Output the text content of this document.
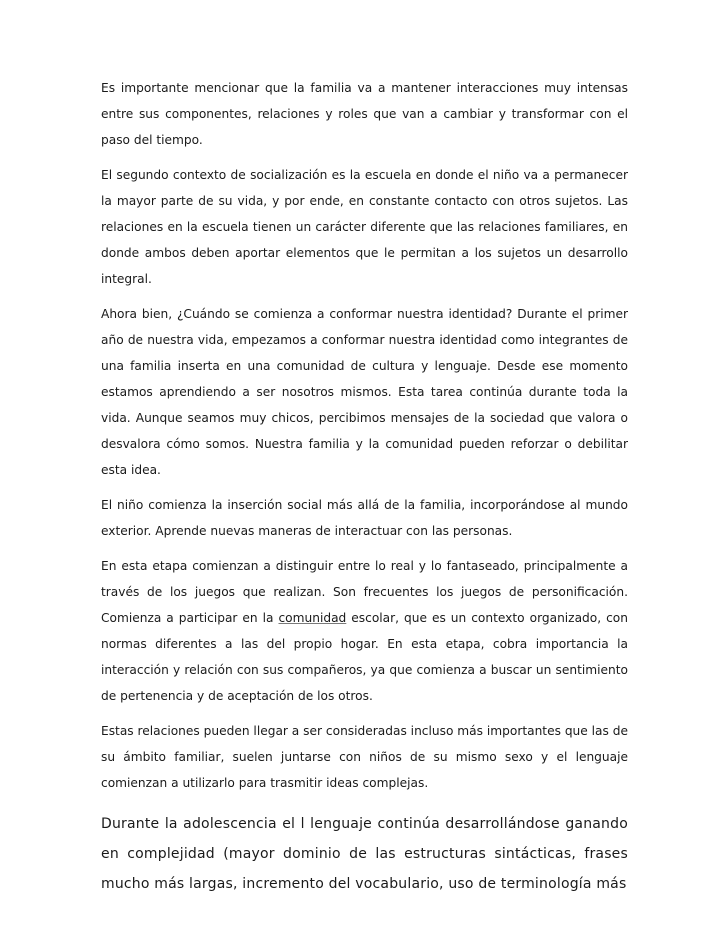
Es importante mencionar que la familia va a mantener interacciones muy intensas entre sus componentes, relaciones y roles que van a cambiar y transformar con el paso del tiempo.

El segundo contexto de socialización es la escuela en donde el niño va a permanecer la mayor parte de su vida, y por ende, en constante contacto con otros sujetos. Las relaciones en la escuela tienen un carácter diferente que las relaciones familiares, en donde ambos deben aportar elementos que le permitan a los sujetos un desarrollo integral.

Ahora bien, ¿Cuándo se comienza a conformar nuestra identidad? Durante el primer año de nuestra vida, empezamos a conformar nuestra identidad como integrantes de una familia inserta en una comunidad de cultura y lenguaje. Desde ese momento estamos aprendiendo a ser nosotros mismos. Esta tarea continúa durante toda la vida. Aunque seamos muy chicos, percibimos mensajes de la sociedad que valora o desvalora cómo somos. Nuestra familia y la comunidad pueden reforzar o debilitar esta idea.

El niño comienza la inserción social más allá de la familia, incorporándose al mundo exterior. Aprende nuevas maneras de interactuar con las personas.

En esta etapa comienzan a distinguir entre lo real y lo fantaseado, principalmente a través de los juegos que realizan. Son frecuentes los juegos de personificación. Comienza a participar en la comunidad escolar, que es un contexto organizado, con normas diferentes a las del propio hogar. En esta etapa, cobra importancia la interacción y relación con sus compañeros, ya que comienza a buscar un sentimiento de pertenencia y de aceptación de los otros.

Estas relaciones pueden llegar a ser consideradas incluso más importantes que las de su ámbito familiar, suelen juntarse con niños de su mismo sexo y el lenguaje comienzan a utilizarlo para trasmitir ideas complejas.

Durante la adolescencia el l lenguaje continúa desarrollándose ganando en complejidad (mayor dominio de las estructuras sintácticas, frases mucho más largas, incremento del vocabulario, uso de terminología más
